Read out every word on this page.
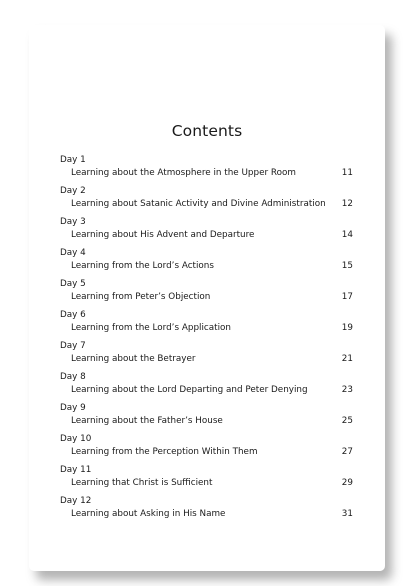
Contents
Day 1
Learning about the Atmosphere in the Upper Room	11
Day 2
Learning about Satanic Activity and Divine Administration 12
Day 3
Learning about His Advent and Departure	14
Day 4
Learning from the Lord’s Actions	15
Day 5
Learning from Peter’s Objection	17
Day 6
Learning from the Lord’s Application	19
Day 7
Learning about the Betrayer	21
Day 8
Learning about the Lord Departing and Peter Denying	23
Day 9
Learning about the Father’s House	25
Day 10
Learning from the Perception Within Them	27
Day 11
Learning that Christ is Sufficient	29
Day 12
Learning about Asking in His Name	31
